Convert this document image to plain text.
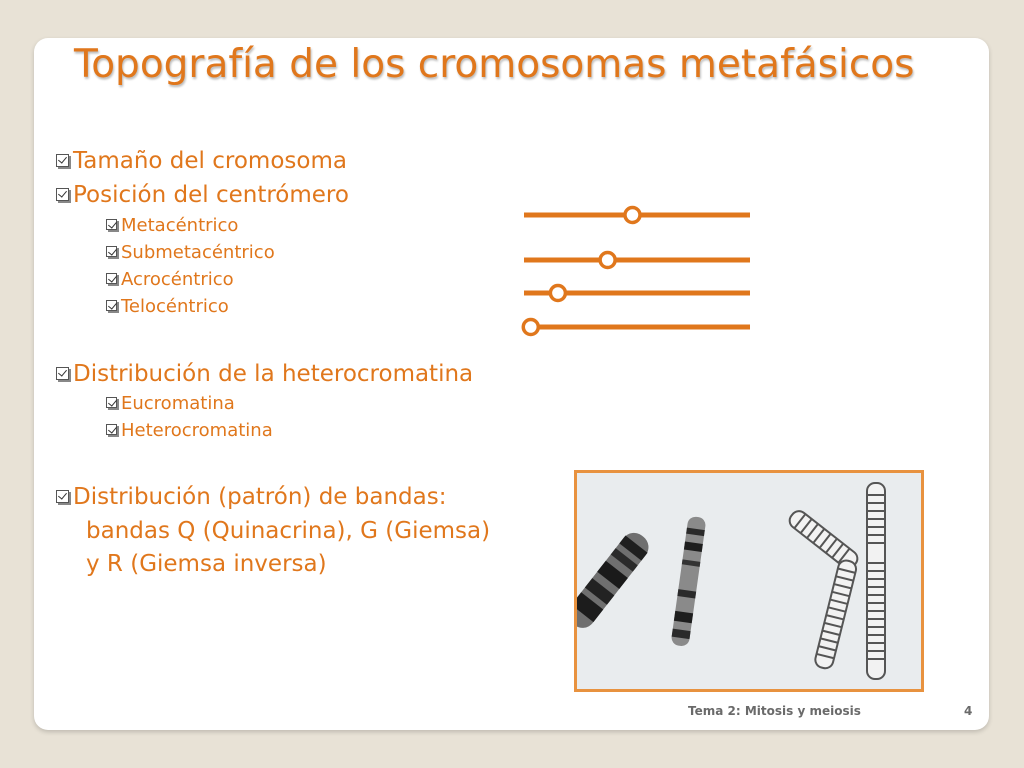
Topografía de los cromosomas metafásicos
Tamaño del cromosoma
Posición del centrómero
Metacéntrico
Submetacéntrico
Acrocéntrico
Telocéntrico
Distribución de la heterocromatina
Eucromatina
Heterocromatina
Distribución (patrón) de bandas:
bandas Q (Quinacrina), G (Giemsa)
y R (Giemsa inversa)
Tema 2: Mitosis y meiosis	4
